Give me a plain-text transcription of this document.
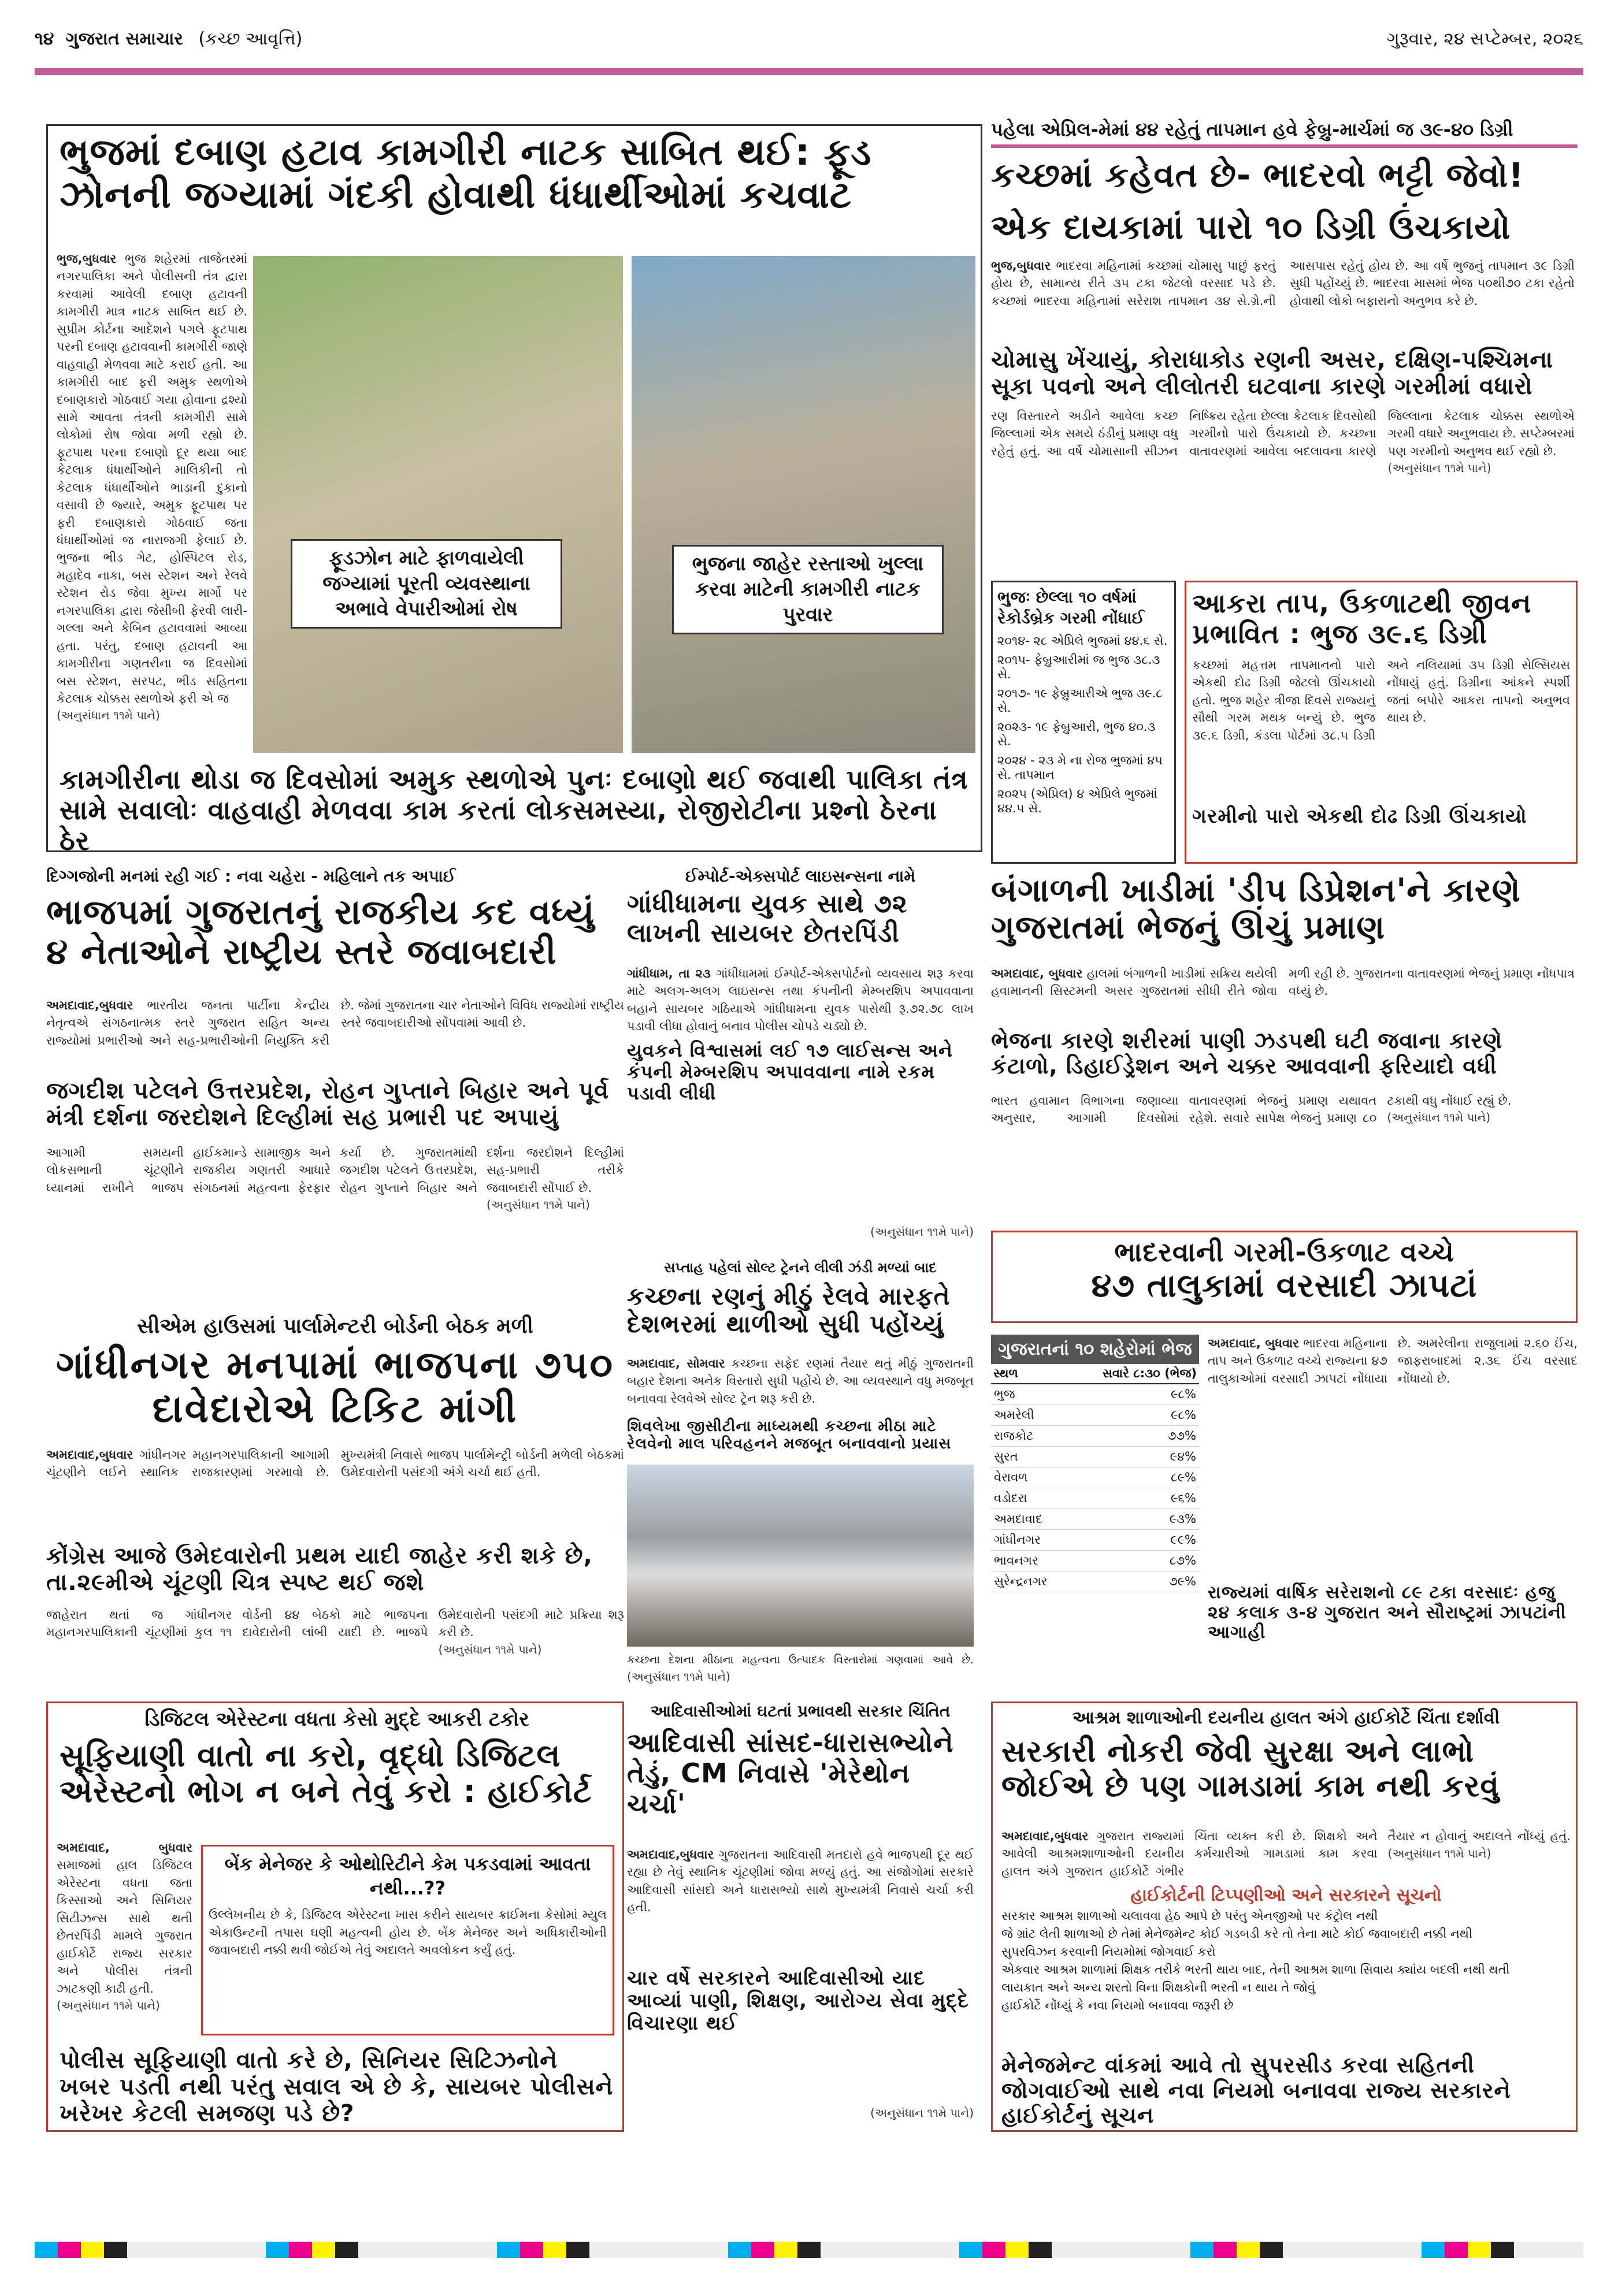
૧૪ ગુજરાત સમાચાર (કચ્છ આવૃત્તિ)	ગુરૂવાર, ૨૪ સપ્ટેમ્બર, ૨૦૨૬
ભુજમાં દબાણ હટાવ કામગીરી નાટક સાબિત થઈ: ફૂડ ઝોનની જગ્યામાં ગંદકી હોવાથી ધંધાર્થીઓમાં કચવાટ
ભુજ,બુધવાર ભુજ શહેરમાં તાજેતરમાં નગરપાલિકા અને પોલીસની તંત્ર દ્વારા કરવામાં આવેલી દબાણ હટાવની કામગીરી માત્ર નાટક સાબિત થઈ છે. સુપ્રીમ કોર્ટના આદેશને પગલે ફૂટપાથ પરની દબાણ હટાવવાની કામગીરી જાણે વાહવાહી મેળવવા માટે કરાઈ હતી. આ કામગીરી બાદ ફરી અમુક સ્થળોએ દબાણકારો ગોઠવાઈ ગયા હોવાના દ્રશ્યો સામે આવતા તંત્રની કામગીરી સામે લોકોમાં રોષ જોવા મળી રહ્યો છે. ફૂટપાથ પરના દબાણો દૂર થયા બાદ કેટલાક ધંધાર્થીઓને માલિકીની તો કેટલાક ધંધાર્થીઓને ભાડાની દુકાનો વસાવી છે જ્યારે, અમુક ફૂટપાથ પર ફરી દબાણકારો ગોઠવાઈ જતા ધંધાર્થીઓમાં જ નારાજગી ફેલાઈ છે. ભુજના ભીડ ગેટ, હોસ્પિટલ રોડ, મહાદેવ નાકા, બસ સ્ટેશન અને રેલવે સ્ટેશન રોડ જેવા મુખ્ય માર્ગો પર નગરપાલિકા દ્વારા જેસીબી ફેરવી લારી-ગલ્લા અને કેબિન હટાવવામાં આવ્યા હતા. પરંતુ, દબાણ હટાવની આ કામગીરીના ગણતરીના જ દિવસોમાં બસ સ્ટેશન, સરપટ, ભીડ સહિતના કેટલાક ચોક્કસ સ્થળોએ ફરી એ જ
(અનુસંધાન ૧૧મે પાને)
ફૂડઝોન માટે ફાળવાયેલી જગ્યામાં પૂરતી વ્યવસ્થાના અભાવે વેપારીઓમાં રોષ
ભુજના જાહેર રસ્તાઓ ખુલ્લા કરવા માટેની કામગીરી નાટક પુરવાર
કામગીરીના થોડા જ દિવસોમાં અમુક સ્થળોએ પુનઃ દબાણો થઈ જવાથી પાલિકા તંત્ર સામે સવાલોઃ વાહવાહી મેળવવા કામ કરતાં લોકસમસ્યા, રોજીરોટીના પ્રશ્નો ઠેરના ઠેર
પહેલા એપ્રિલ-મેમાં ૪૪ રહેતું તાપમાન હવે ફેબ્રુ-માર્ચમાં જ ૩૯-૪૦ ડિગ્રી
કચ્છમાં કહેવત છે- ભાદરવો ભટ્ટી જેવો!
એક દાયકામાં પારો ૧૦ ડિગ્રી ઉંચકાયો
ભુજ,બુધવાર ભાદરવા મહિનામાં કચ્છમાં ચોમાસુ પાછું ફરતું હોય છે, સામાન્ય રીતે ૩૫ ટકા જેટલો વરસાદ પડે છે. કચ્છમાં ભાદરવા મહિનામાં સરેરાશ તાપમાન ૩૪ સે.ગ્રે.ની આસપાસ રહેતું હોય છે. આ વર્ષે ભુજનું તાપમાન ૩૯ ડિગ્રી સુધી પહોંચ્યું છે. ભાદરવા માસમાં ભેજ ૫૦થી૭૦ ટકા રહેતો હોવાથી લોકો બફારાનો અનુભવ કરે છે.
ચોમાસુ ખેંચાયું, કોરાધાકોડ રણની અસર, દક્ષિણ-પશ્ચિમના સૂકા પવનો અને લીલોતરી ઘટવાના કારણે ગરમીમાં વધારો
રણ વિસ્તારને અડીને આવેલા કચ્છ જિલ્લામાં એક સમયે ઠંડીનું પ્રમાણ વધુ રહેતું હતું. આ વર્ષે ચોમાસાની સીઝન નિષ્ક્રિય રહેતા છેલ્લા કેટલાક દિવસોથી ગરમીનો પારો ઉંચકાયો છે. કચ્છના વાતાવરણમાં આવેલા બદલાવના કારણે જિલ્લાના કેટલાક ચોક્કસ સ્થળોએ ગરમી વધારે અનુભવાય છે. સપ્ટેમ્બરમાં પણ ગરમીનો અનુભવ થઈ રહ્યો છે.
(અનુસંધાન ૧૧મે પાને)
ભુજઃ છેલ્લા ૧૦ વર્ષમાં રેકોર્ડબ્રેક ગરમી નોંધાઈ
૨૦૧૪- ૨૮ એપ્રિલે ભુજમાં ૪૪.૬ સે.
૨૦૧૫- ફેબ્રુઆરીમાં જ ભુજ ૩૮.૩ સે.
૨૦૧૭- ૧૯ ફેબ્રુઆરીએ ભુજ ૩૯.૮ સે.
૨૦૨૩- ૧૯ ફેબ્રુઆરી, ભુજ ૪૦.૩ સે.
૨૦૨૪ - ૨૩ મે ના રોજ ભુજમાં ૪૫ સે. તાપમાન
૨૦૨૫ (એપ્રિલ) ૪ એપ્રિલે ભુજમાં ૪૪.૫ સે.
આકરા તાપ, ઉકળાટથી જીવન પ્રભાવિત : ભુજ ૩૯.૬ ડિગ્રી
કચ્છમાં મહત્તમ તાપમાનનો પારો એકથી દોઢ ડિગ્રી જેટલો ઊંચકાયો હતો. ભુજ શહેર ત્રીજા દિવસે રાજ્યનું સૌથી ગરમ મથક બન્યું છે. ભુજ ૩૯.૬ ડિગ્રી, કંડલા પોર્ટમાં ૩૮.૫ ડિગ્રી અને નલિયામાં ૩૫ ડિગ્રી સેલ્સિયસ નોંધાયું હતું. ડિગ્રીના આંકને સ્પર્શી જતાં બપોરે આકરા તાપનો અનુભવ થાય છે.
ગરમીનો પારો એકથી દોઢ ડિગ્રી ઊંચકાયો
દિગ્ગજોની મનમાં રહી ગઈ : નવા ચહેરા - મહિલાને તક અપાઈ
ભાજપમાં ગુજરાતનું રાજકીય કદ વધ્યું ૪ નેતાઓને રાષ્ટ્રીય સ્તરે જવાબદારી
અમદાવાદ,બુધવાર ભારતીય જનતા પાર્ટીના કેન્દ્રીય નેતૃત્વએ સંગઠનાત્મક સ્તરે ગુજરાત સહિત અન્ય રાજ્યોમાં પ્રભારીઓ અને સહ-પ્રભારીઓની નિયુક્તિ કરી છે. જેમાં ગુજરાતના ચાર નેતાઓને વિવિધ રાજ્યોમાં રાષ્ટ્રીય સ્તરે જવાબદારીઓ સોંપવામાં આવી છે.
જગદીશ પટેલને ઉત્તરપ્રદેશ, રોહન ગુપ્તાને બિહાર અને પૂર્વ મંત્રી દર્શના જરદોશને દિલ્હીમાં સહ પ્રભારી પદ અપાયું
આગામી સમયની લોકસભાની ચૂંટણીને ધ્યાનમાં રાખીને ભાજપ હાઈકમાન્ડે સામાજીક અને રાજકીય ગણતરી આધારે સંગઠનમાં મહત્વના ફેરફાર કર્યા છે. ગુજરાતમાંથી જગદીશ પટેલને ઉત્તરપ્રદેશ, રોહન ગુપ્તાને બિહાર અને દર્શના જરદોશને દિલ્હીમાં સહ-પ્રભારી તરીકે જવાબદારી સોંપાઈ છે.
(અનુસંધાન ૧૧મે પાને)
સીએમ હાઉસમાં પાર્લામેન્ટરી બોર્ડની બેઠક મળી
ગાંધીનગર મનપામાં ભાજપના ૭૫૦ દાવેદારોએ ટિકિટ માંગી
અમદાવાદ,બુધવાર ગાંધીનગર મહાનગરપાલિકાની આગામી ચૂંટણીને લઈને સ્થાનિક રાજકારણમાં ગરમાવો છે. મુખ્યમંત્રી નિવાસે ભાજપ પાર્લામેન્ટ્રી બોર્ડની મળેલી બેઠકમાં ઉમેદવારોની પસંદગી અંગે ચર્ચા થઈ હતી.
કોંગ્રેસ આજે ઉમેદવારોની પ્રથમ યાદી જાહેર કરી શકે છે, તા.૨૯મીએ ચૂંટણી ચિત્ર સ્પષ્ટ થઈ જશે
જાહેરાત થતાં જ ગાંધીનગર મહાનગરપાલિકાની ચૂંટણીમાં કુલ ૧૧ વોર્ડની ૪૪ બેઠકો માટે ભાજપના દાવેદારોની લાંબી યાદી છે. ભાજપે ઉમેદવારોની પસંદગી માટે પ્રક્રિયા શરૂ કરી છે.
(અનુસંધાન ૧૧મે પાને)
ઈમ્પોર્ટ-એક્સપોર્ટ લાઇસન્સના નામે
ગાંધીધામના યુવક સાથે ૭૨ લાખની સાયબર છેતરપિંડી
ગાંધીધામ, તા ૨૩ ગાંધીધામમાં ઈમ્પોર્ટ-એક્સપોર્ટનો વ્યવસાય શરૂ કરવા માટે અલગ-અલગ લાઇસન્સ તથા કંપનીની મેમ્બરશિપ અપાવવાના બહાને સાયબર ગઠિયાએ ગાંધીધામના યુવક પાસેથી રૂ.૭૨.૭૮ લાખ પડાવી લીધા હોવાનું બનાવ પોલીસ ચોપડે ચડ્યો છે.
યુવકને વિશ્વાસમાં લઈ ૧૭ લાઈસન્સ અને કંપની મેમ્બરશિપ અપાવવાના નામે રકમ પડાવી લીધી
(અનુસંધાન ૧૧મે પાને)
સપ્તાહ પહેલાં સોલ્ટ ટ્રેનને લીલી ઝંડી મળ્યાં બાદ
કચ્છના રણનું મીઠું રેલવે મારફતે દેશભરમાં થાળીઓ સુધી પહોંચ્યું
અમદાવાદ, સોમવાર કચ્છના સફેદ રણમાં તૈયાર થતું મીઠું ગુજરાતની બહાર દેશના અનેક વિસ્તારો સુધી પહોંચે છે. આ વ્યવસ્થાને વધુ મજબૂત બનાવવા રેલવેએ સોલ્ટ ટ્રેન શરૂ કરી છે.
શિવલેખા જીસીટીના માધ્યમથી કચ્છના મીઠા માટે રેલવેનો માલ પરિવહનને મજબૂત બનાવવાનો પ્રયાસ
કચ્છના દેશના મીઠાના મહત્વના ઉત્પાદક વિસ્તારોમાં ગણવામાં આવે છે. (અનુસંધાન ૧૧મે પાને)
બંગાળની ખાડીમાં 'ડીપ ડિપ્રેશન'ને કારણે ગુજરાતમાં ભેજનું ઊંચું પ્રમાણ
અમદાવાદ, બુધવાર હાલમાં બંગાળની ખાડીમાં સક્રિય થયેલી હવામાનની સિસ્ટમની અસર ગુજરાતમાં સીધી રીતે જોવા મળી રહી છે. ગુજરાતના વાતાવરણમાં ભેજનું પ્રમાણ નોંધપાત્ર વધ્યું છે.
ભેજના કારણે શરીરમાં પાણી ઝડપથી ઘટી જવાના કારણે કંટાળો, ડિહાઈડ્રેશન અને ચક્કર આવવાની ફરિયાદો વધી
ભારત હવામાન વિભાગના જણાવ્યા અનુસાર, આગામી દિવસોમાં વાતાવરણમાં ભેજનું પ્રમાણ યથાવત રહેશે. સવારે સાપેક્ષ ભેજનું પ્રમાણ ૮૦ ટકાથી વધુ નોંધાઈ રહ્યું છે.
(અનુસંધાન ૧૧મે પાને)
ભાદરવાની ગરમી-ઉકળાટ વચ્ચે
૪૭ તાલુકામાં વરસાદી ઝાપટાં
ગુજરાતનાં ૧૦ શહેરોમાં ભેજ
સ્થળ	સવારે ૮:૩૦ (ભેજ)
ભુજ	૯૮%
અમરેલી	૯૮%
રાજકોટ	૭૭%
સુરત	૯૪%
વેરાવળ	૮૯%
વડોદરા	૯૬%
અમદાવાદ	૯૩%
ગાંધીનગર	૯૯%
ભાવનગર	૮૭%
સુરેન્દ્રનગર	૭૯%
અમદાવાદ, બુધવાર ભાદરવા મહિનાના તાપ અને ઉકળાટ વચ્ચે રાજ્યના ૪૭ તાલુકાઓમાં વરસાદી ઝાપટાં નોંધાયા છે. અમરેલીના રાજુલામાં ૨.૬૦ ઈંચ, જાફરાબાદમાં ૨.૩૬ ઈંચ વરસાદ નોંધાયો છે.
રાજ્યમાં વાર્ષિક સરેરાશનો ૮૯ ટકા વરસાદઃ હજુ ૨૪ કલાક ૩-૪ ગુજરાત અને સૌરાષ્ટ્રમાં ઝાપટાંની આગાહી
ડિજિટલ એરેસ્ટના વધતા કેસો મુદ્દે આકરી ટકોર
સૂફિયાણી વાતો ના કરો, વૃદ્ધો ડિજિટલ એરેસ્ટનો ભોગ ન બને તેવું કરો : હાઈકોર્ટ
અમદાવાદ, બુધવાર સમાજમાં હાલ ડિજિટલ એરેસ્ટના વધતા જતા કિસ્સાઓ અને સિનિયર સિટીઝન્સ સાથે થતી છેતરપિંડી મામલે ગુજરાત હાઈકોર્ટે રાજ્ય સરકાર અને પોલીસ તંત્રની ઝાટકણી કાઢી હતી.
(અનુસંધાન ૧૧મે પાને)
બેંક મેનેજર કે ઓથોરિટીને કેમ પકડવામાં આવતા નથી...??
ઉલ્લેખનીય છે કે, ડિજિટલ એરેસ્ટના ખાસ કરીને સાયબર ક્રાઈમના કેસોમાં મ્યુલ એકાઉન્ટની તપાસ ઘણી મહત્વની હોય છે. બેંક મેનેજર અને અધિકારીઓની જવાબદારી નક્કી થવી જોઈએ તેવું અદાલતે અવલોકન કર્યું હતું.
પોલીસ સૂફિયાણી વાતો કરે છે, સિનિયર સિટિઝનોને ખબર પડતી નથી પરંતુ સવાલ એ છે કે, સાયબર પોલીસને ખરેખર કેટલી સમજણ પડે છે?
આદિવાસીઓમાં ઘટતાં પ્રભાવથી સરકાર ચિંતિત
આદિવાસી સાંસદ-ધારાસભ્યોને તેડું, CM નિવાસે 'મેરેથોન ચર્ચા'
અમદાવાદ,બુધવાર ગુજરાતના આદિવાસી મતદારો હવે ભાજપથી દૂર થઈ રહ્યા છે તેવું સ્થાનિક ચૂંટણીમાં જોવા મળ્યું હતું. આ સંજોગોમાં સરકારે આદિવાસી સાંસદો અને ધારાસભ્યો સાથે મુખ્યમંત્રી નિવાસે ચર્ચા કરી હતી.
ચાર વર્ષે સરકારને આદિવાસીઓ યાદ આવ્યાં પાણી, શિક્ષણ, આરોગ્ય સેવા મુદ્દે વિચારણા થઈ
(અનુસંધાન ૧૧મે પાને)
આશ્રમ શાળાઓની દયનીય હાલત અંગે હાઈકોર્ટે ચિંતા દર્શાવી
સરકારી નોકરી જેવી સુરક્ષા અને લાભો જોઈએ છે પણ ગામડામાં કામ નથી કરવું
અમદાવાદ,બુધવાર ગુજરાત રાજ્યમાં આવેલી આશ્રમશાળાઓની દયનીય હાલત અંગે ગુજરાત હાઈકોર્ટે ગંભીર ચિંતા વ્યક્ત કરી છે. શિક્ષકો અને કર્મચારીઓ ગામડામાં કામ કરવા તૈયાર ન હોવાનું અદાલતે નોંધ્યું હતું. (અનુસંધાન ૧૧મે પાને)
હાઈકોર્ટની ટિપ્પણીઓ અને સરકારને સૂચનો
સરકાર આશ્રમ શાળાઓ ચલાવવા હેઠ આપે છે પરંતુ એનજીઓ પર કંટ્રોલ નથી
જે ગ્રાંટ લેતી શાળાઓ છે તેમાં મેનેજમેન્ટ કોઈ ગડબડી કરે તો તેના માટે કોઈ જવાબદારી નક્કી નથી
સુપરવિઝન કરવાની નિયમોમાં જોગવાઈ કરો
એકવાર આશ્રમ શાળામાં શિક્ષક તરીકે ભરતી થાય બાદ, તેની આશ્રમ શાળા સિવાય ક્યાંય બદલી નથી થતી
લાયકાત અને અન્ય શરતો વિના શિક્ષકોની ભરતી ન થાય તે જોવું
હાઈકોર્ટે નોંધ્યું કે નવા નિયમો બનાવવા જરૂરી છે
મેનેજમેન્ટ વાંકમાં આવે તો સુપરસીડ કરવા સહિતની જોગવાઈઓ સાથે નવા નિયમો બનાવવા રાજ્ય સરકારને હાઈકોર્ટનું સૂચન
